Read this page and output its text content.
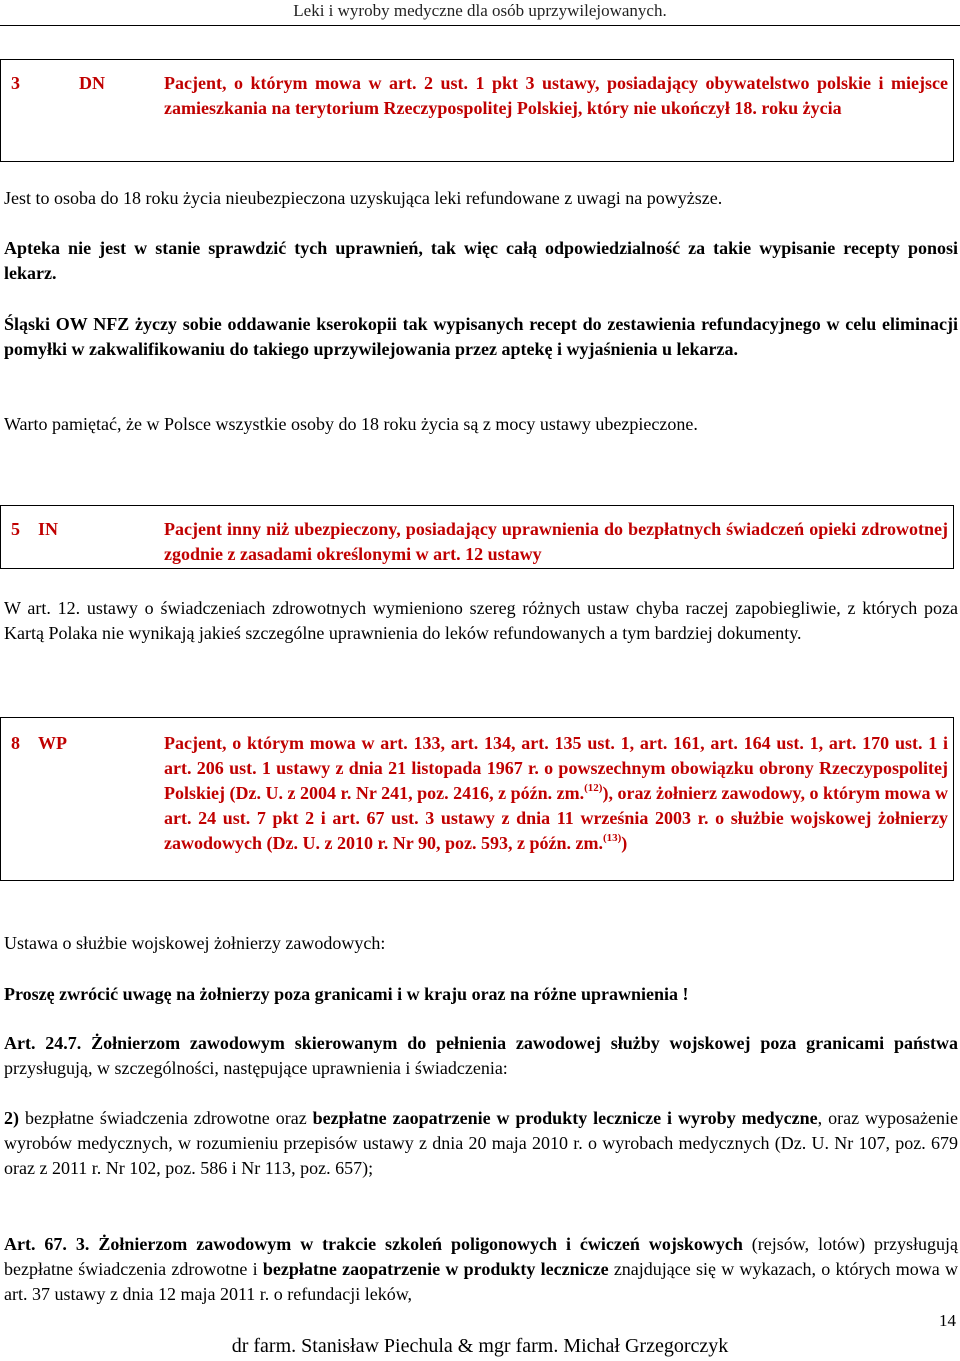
Leki i wyroby medyczne dla osób uprzywilejowanych.
3	DN	Pacjent, o którym mowa w art. 2 ust. 1 pkt 3 ustawy, posiadający obywatelstwo polskie i miejsce zamieszkania na terytorium Rzeczypospolitej Polskiej, który nie ukończył 18. roku życia
Jest to osoba do 18 roku życia nieubezpieczona uzyskująca leki refundowane z uwagi na powyższe.
Apteka nie jest w stanie sprawdzić tych uprawnień, tak więc całą odpowiedzialność za takie wypisanie recepty ponosi lekarz.
Śląski OW NFZ życzy sobie oddawanie kserokopii tak wypisanych recept do zestawienia refundacyjnego w celu eliminacji pomyłki w zakwalifikowaniu do takiego uprzywilejowania przez aptekę i wyjaśnienia u lekarza.
Warto pamiętać, że w Polsce wszystkie osoby do 18 roku życia są z mocy ustawy ubezpieczone.
5 IN	Pacjent inny niż ubezpieczony, posiadający uprawnienia do bezpłatnych świadczeń opieki zdrowotnej zgodnie z zasadami określonymi w art. 12 ustawy
W art. 12. ustawy o świadczeniach zdrowotnych wymieniono szereg różnych ustaw chyba raczej zapobiegliwie, z których poza Kartą Polaka nie wynikają jakieś szczególne uprawnienia do leków refundowanych a tym bardziej dokumenty.
8 WP	Pacjent, o którym mowa w art. 133, art. 134, art. 135 ust. 1, art. 161, art. 164 ust. 1, art. 170 ust. 1 i art. 206 ust. 1 ustawy z dnia 21 listopada 1967 r. o powszechnym obowiązku obrony Rzeczypospolitej Polskiej (Dz. U. z 2004 r. Nr 241, poz. 2416, z późn. zm.$^{(12)}$), oraz żołnierz zawodowy, o którym mowa w art. 24 ust. 7 pkt 2 i art. 67 ust. 3 ustawy z dnia 11 września 2003 r. o służbie wojskowej żołnierzy zawodowych (Dz. U. z 2010 r. Nr 90, poz. 593, z późn. zm.$^{(13)}$)
Ustawa o służbie wojskowej żołnierzy zawodowych:
Proszę zwrócić uwagę na żołnierzy poza granicami i w kraju oraz na różne uprawnienia !
Art. 24.7. Żołnierzom zawodowym skierowanym do pełnienia zawodowej służby wojskowej poza granicami państwa przysługują, w szczególności, następujące uprawnienia i świadczenia:
2) bezpłatne świadczenia zdrowotne oraz bezpłatne zaopatrzenie w produkty lecznicze i wyroby medyczne, oraz wyposażenie wyrobów medycznych, w rozumieniu przepisów ustawy z dnia 20 maja 2010 r. o wyrobach medycznych (Dz. U. Nr 107, poz. 679 oraz z 2011 r. Nr 102, poz. 586 i Nr 113, poz. 657);
Art. 67. 3. Żołnierzom zawodowym w trakcie szkoleń poligonowych i ćwiczeń wojskowych (rejsów, lotów) przysługują bezpłatne świadczenia zdrowotne i bezpłatne zaopatrzenie w produkty lecznicze znajdujące się w wykazach, o których mowa w art. 37 ustawy z dnia 12 maja 2011 r. o refundacji leków,
14
dr farm. Stanisław Piechula & mgr farm. Michał Grzegorczyk
